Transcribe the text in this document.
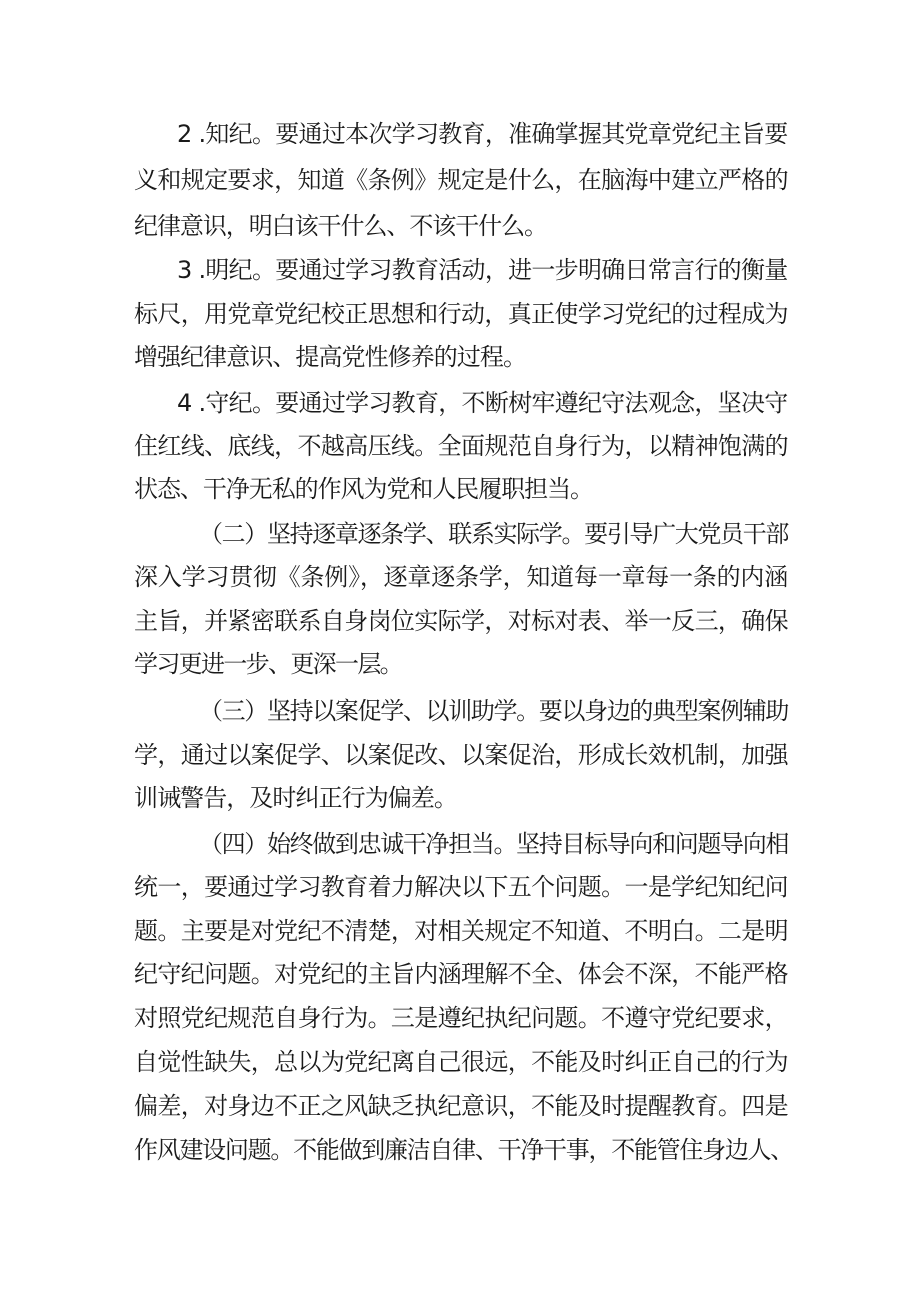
2 .知纪。要通过本次学习教育，准确掌握其党章党纪主旨要
义和规定要求，知道《条例》规定是什么，在脑海中建立严格的
纪律意识，明白该干什么、不该干什么。
3 .明纪。要通过学习教育活动，进一步明确日常言行的衡量
标尺，用党章党纪校正思想和行动，真正使学习党纪的过程成为
增强纪律意识、提高党性修养的过程。
4 .守纪。要通过学习教育，不断树牢遵纪守法观念，坚决守
住红线、底线，不越高压线。全面规范自身行为，以精神饱满的
状态、干净无私的作风为党和人民履职担当。
（二）坚持逐章逐条学、联系实际学。要引导广大党员干部
深入学习贯彻《条例》，逐章逐条学，知道每一章每一条的内涵
主旨，并紧密联系自身岗位实际学，对标对表、举一反三，确保
学习更进一步、更深一层。
（三）坚持以案促学、以训助学。要以身边的典型案例辅助
学，通过以案促学、以案促改、以案促治，形成长效机制，加强
训诫警告，及时纠正行为偏差。
（四）始终做到忠诚干净担当。坚持目标导向和问题导向相
统一，要通过学习教育着力解决以下五个问题。一是学纪知纪问
题。主要是对党纪不清楚，对相关规定不知道、不明白。二是明
纪守纪问题。对党纪的主旨内涵理解不全、体会不深，不能严格
对照党纪规范自身行为。三是遵纪执纪问题。不遵守党纪要求，
自觉性缺失，总以为党纪离自己很远，不能及时纠正自己的行为
偏差，对身边不正之风缺乏执纪意识，不能及时提醒教育。四是
作风建设问题。不能做到廉洁自律、干净干事，不能管住身边人、
